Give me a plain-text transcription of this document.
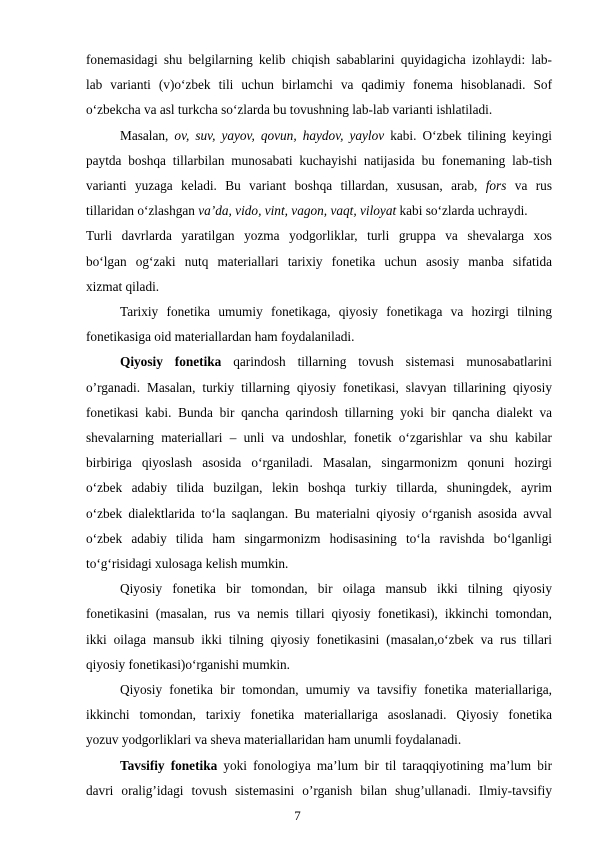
fonemasidagi shu belgilarning kelib chiqish sabablarini quyidagicha izohlaydi: lab-
lab varianti (v)o‘zbek tili uchun birlamchi va qadimiy fonema hisoblanadi. Sof
o‘zbekcha va asl turkcha so‘zlarda bu tovushning lab-lab varianti ishlatiladi.
Masalan, ov, suv, yayov, qovun, haydov, yaylov kabi. O‘zbek tilining keyingi
paytda boshqa tillarbilan munosabati kuchayishi natijasida bu fonemaning lab-tish
varianti yuzaga keladi. Bu variant boshqa tillardan, xususan, arab, fors va rus
tillaridan o‘zlashgan va’da, vido, vint, vagon, vaqt, viloyat kabi so‘zlarda uchraydi.
Turli davrlarda yaratilgan yozma yodgorliklar, turli gruppa va shevalarga xos
bo‘lgan og‘zaki nutq materiallari tarixiy fonetika uchun asosiy manba sifatida
xizmat qiladi.
Tarixiy fonetika umumiy fonetikaga, qiyosiy fonetikaga va hozirgi tilning
fonetikasiga oid materiallardan ham foydalaniladi.
Qiyosiy fonetika qarindosh tillarning tovush sistemasi munosabatlarini
o’rganadi. Masalan, turkiy tillarning qiyosiy fonetikasi, slavyan tillarining qiyosiy
fonetikasi kabi. Bunda bir qancha qarindosh tillarning yoki bir qancha dialekt va
shevalarning materiallari – unli va undoshlar, fonetik o‘zgarishlar va shu kabilar
birbiriga qiyoslash asosida o‘rganiladi. Masalan, singarmonizm qonuni hozirgi
o‘zbek adabiy tilida buzilgan, lekin boshqa turkiy tillarda, shuningdek, ayrim
o‘zbek dialektlarida to‘la saqlangan. Bu materialni qiyosiy o‘rganish asosida avval
o‘zbek adabiy tilida ham singarmonizm hodisasining to‘la ravishda bo‘lganligi
to‘g‘risidagi xulosaga kelish mumkin.
Qiyosiy fonetika bir tomondan, bir oilaga mansub ikki tilning qiyosiy
fonetikasini (masalan, rus va nemis tillari qiyosiy fonetikasi), ikkinchi tomondan,
ikki oilaga mansub ikki tilning qiyosiy fonetikasini (masalan,o‘zbek va rus tillari
qiyosiy fonetikasi)o‘rganishi mumkin.
Qiyosiy fonetika bir tomondan, umumiy va tavsifiy fonetika materiallariga,
ikkinchi tomondan, tarixiy fonetika materiallariga asoslanadi. Qiyosiy fonetika
yozuv yodgorliklari va sheva materiallaridan ham unumli foydalanadi.
Tavsifiy fonetika yoki fonologiya ma’lum bir til taraqqiyotining ma’lum bir
davri oralig’idagi tovush sistemasini o’rganish bilan shug’ullanadi. Ilmiy-tavsifiy
7
